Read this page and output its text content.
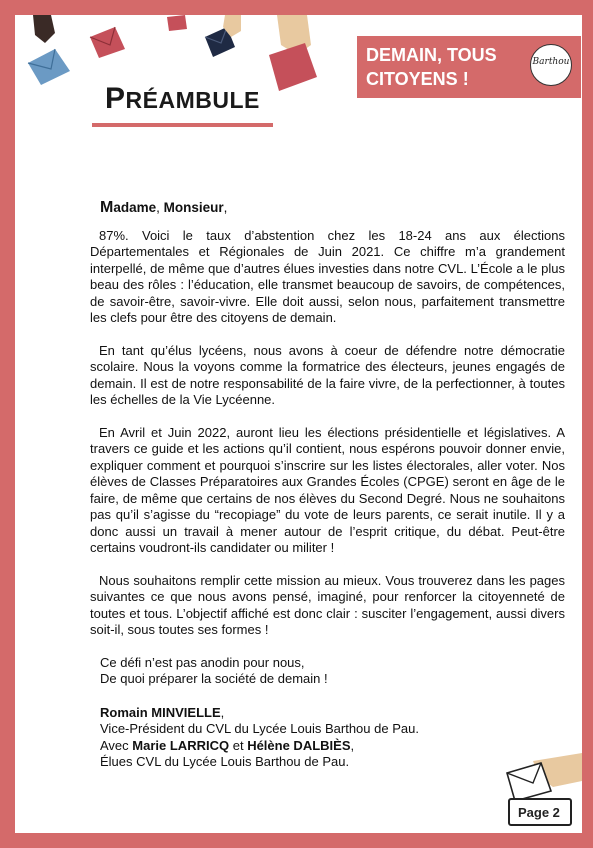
PRÉAMBULE
Madame, Monsieur,

87%. Voici le taux d’abstention chez les 18-24 ans aux élections Départementales et Régionales de Juin 2021. Ce chiffre m’a grandement interpellé, de même que d’autres élues investies dans notre CVL. L’École a le plus beau des rôles : l’éducation, elle transmet beaucoup de savoirs, de compétences, de savoir-être, savoir-vivre. Elle doit aussi, selon nous, parfaitement transmettre les clefs pour être des citoyens de demain.

En tant qu’élus lycéens, nous avons à coeur de défendre notre démocratie scolaire. Nous la voyons comme la formatrice des électeurs, jeunes engagés de demain. Il est de notre responsabilité de la faire vivre, de la perfectionner, à toutes les échelles de la Vie Lycéenne.

En Avril et Juin 2022, auront lieu les élections présidentielle et législatives. A travers ce guide et les actions qu’il contient, nous espérons pouvoir donner envie, expliquer comment et pourquoi s’inscrire sur les listes électorales, aller voter. Nos élèves de Classes Préparatoires aux Grandes Écoles (CPGE) seront en âge de le faire, de même que certains de nos élèves du Second Degré. Nous ne souhaitons pas qu’il s’agisse du “recopiage” du vote de leurs parents, ce serait inutile. Il y a donc aussi un travail à mener autour de l’esprit critique, du débat. Peut-être certains voudront-ils candidater ou militer !

Nous souhaitons remplir cette mission au mieux. Vous trouverez dans les pages suivantes ce que nous avons pensé, imaginé, pour renforcer la citoyenneté de toutes et tous. L’objectif affiché est donc clair : susciter l’engagement, aussi divers soit-il, sous toutes ses formes !

Ce défi n’est pas anodin pour nous,
De quoi préparer la société de demain !
Romain MINVIELLE,
Vice-Président du CVL du Lycée Louis Barthou de Pau.
Avec Marie LARRICQ et Hélène DALBIÈS,
Élues CVL du Lycée Louis Barthou de Pau.
Page 2
DEMAIN, TOUS CITOYENS !
Barthou
